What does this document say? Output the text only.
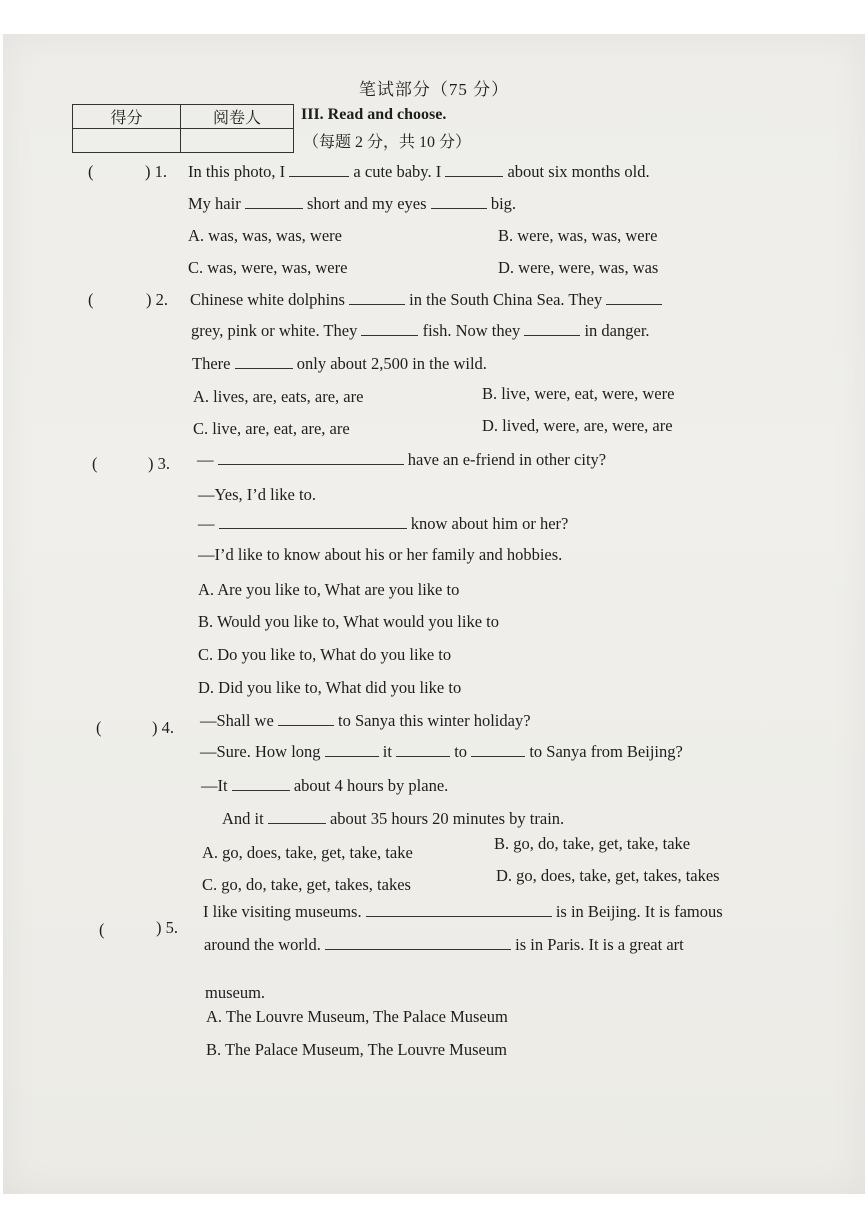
笔试部分（75 分）
得分	阅卷人
		III. Read and choose.
（每题 2 分，共 10 分）
(	) 1. In this photo, I	a cute baby. I	about six months old.
My hair	short and my eyes	big.
A. was, was, was, were	B. were, was, was, were
C. was, were, was, were	D. were, were, was, was
(	) 2. Chinese white dolphins	in the South China Sea. They
grey, pink or white. They	fish. Now they	in danger.
There	only about 2,500 in the wild.
A. lives, are, eats, are, are	B. live, were, eat, were, were
C. live, are, eat, are, are	D. lived, were, are, were, are
(	) 3. —	have an e-friend in other city?
—Yes, I’d like to.
—	know about him or her?
—I’d like to know about his or her family and hobbies.
A. Are you like to, What are you like to
B. Would you like to, What would you like to
C. Do you like to, What do you like to
D. Did you like to, What did you like to
(	) 4. —Shall we	to Sanya this winter holiday?
—Sure. How long	it	to	to Sanya from Beijing?
—It	about 4 hours by plane.
And it	about 35 hours 20 minutes by train.
A. go, does, take, get, take, take	B. go, do, take, get, take, take
C. go, do, take, get, takes, takes	D. go, does, take, get, takes, takes
(	) 5.
I like visiting museums.	is in Beijing. It is famous
around the world.	is in Paris. It is a great art
museum.
A. The Louvre Museum, The Palace Museum
B. The Palace Museum, The Louvre Museum
